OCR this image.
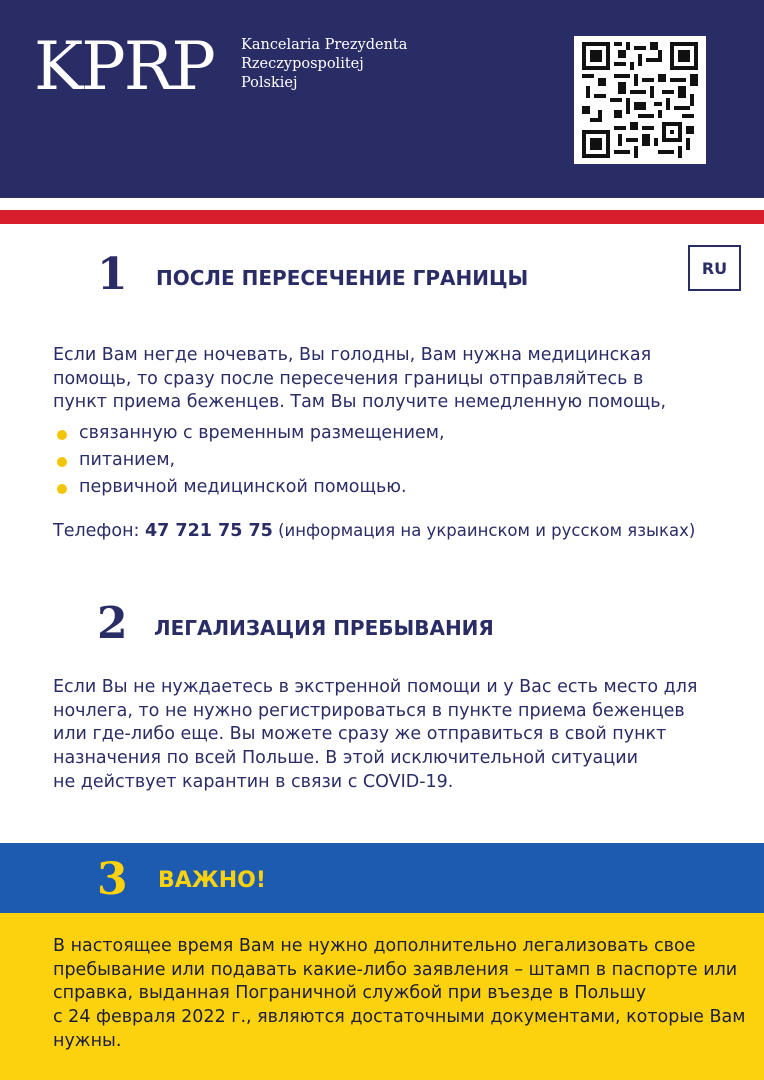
KPRP Kancelaria Prezydenta
Rzeczypospolitej
Polskiej
RU
1 ПОСЛЕ ПЕРЕСЕЧЕНИЕ ГРАНИЦЫ
Если Вам негде ночевать, Вы голодны, Вам нужна медицинская
помощь, то сразу после пересечения границы отправляйтесь в
пункт приема беженцев. Там Вы получите немедленную помощь,
связанную с временным размещением,
питанием,
первичной медицинской помощью.
Телефон: 47 721 75 75 (информация на украинском и русском языках)
2 ЛЕГАЛИЗАЦИЯ ПРЕБЫВАНИЯ
Если Вы не нуждаетесь в экстренной помощи и у Вас есть место для
ночлега, то не нужно регистрироваться в пункте приема беженцев
или где-либо еще. Вы можете сразу же отправиться в свой пункт
назначения по всей Польше. В этой исключительной ситуации
не действует карантин в связи с COVID-19.
3 ВАЖНО!
В настоящее время Вам не нужно дополнительно легализовать свое
пребывание или подавать какие-либо заявления – штамп в паспорте или
справка, выданная Пограничной службой при въезде в Польшу
с 24 февраля 2022 г., являются достаточными документами, которые Вам
нужны.
